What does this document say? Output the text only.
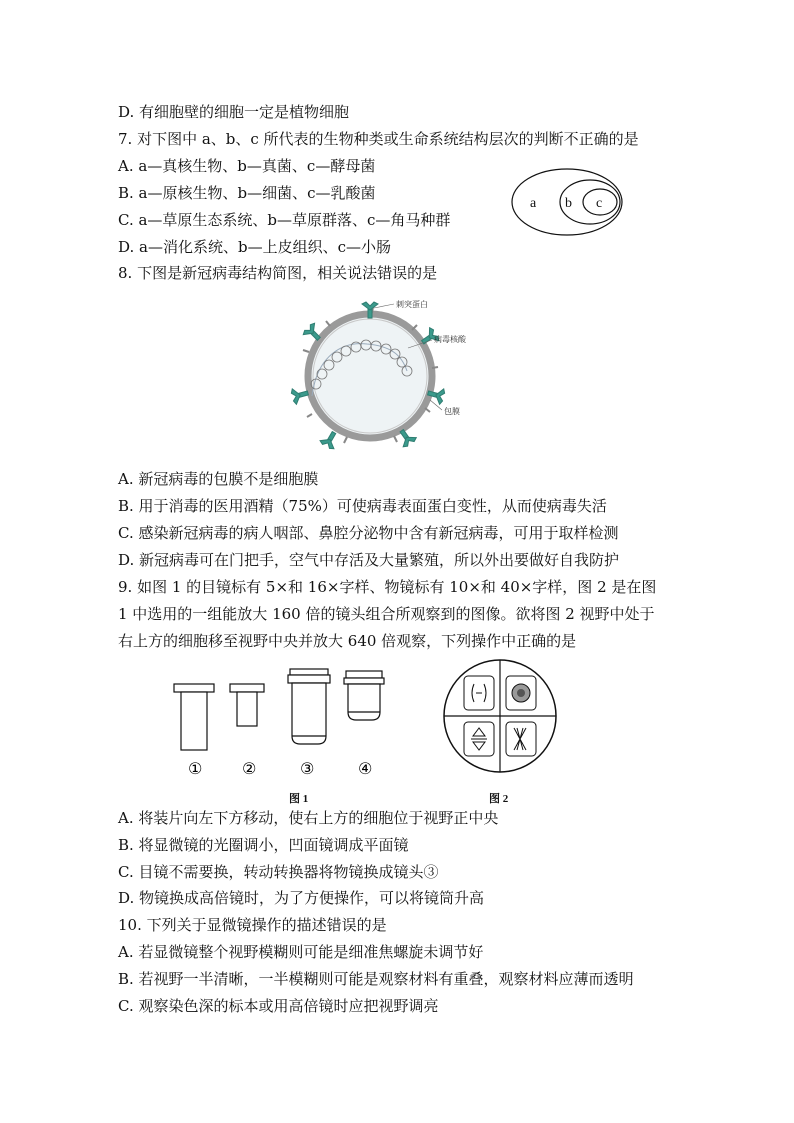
D. 有细胞壁的细胞一定是植物细胞
7. 对下图中 a、b、c 所代表的生物种类或生命系统结构层次的判断不正确的是
A. a—真核生物、b—真菌、c—酵母菌
B. a—原核生物、b—细菌、c—乳酸菌
C. a—草原生态系统、b—草原群落、c—角马种群
D. a—消化系统、b—上皮组织、c—小肠
8. 下图是新冠病毒结构简图，相关说法错误的是
A. 新冠病毒的包膜不是细胞膜
B. 用于消毒的医用酒精（75%）可使病毒表面蛋白变性，从而使病毒失活
C. 感染新冠病毒的病人咽部、鼻腔分泌物中含有新冠病毒，可用于取样检测
D. 新冠病毒可在门把手，空气中存活及大量繁殖，所以外出要做好自我防护
9. 如图 1 的目镜标有 5×和 16×字样、物镜标有 10×和 40×字样，图 2 是在图
1 中选用的一组能放大 160 倍的镜头组合所观察到的图像。欲将图 2 视野中处于
右上方的细胞移至视野中央并放大 640 倍观察，下列操作中正确的是
A. 将装片向左下方移动，使右上方的细胞位于视野正中央
B. 将显微镜的光圈调小，凹面镜调成平面镜
C. 目镜不需要换，转动转换器将物镜换成镜头③
D. 物镜换成高倍镜时，为了方便操作，可以将镜筒升高
10. 下列关于显微镜操作的描述错误的是
A. 若显微镜整个视野模糊则可能是细准焦螺旋未调节好
B. 若视野一半清晰，一半模糊则可能是观察材料有重叠，观察材料应薄而透明
C. 观察染色深的标本或用高倍镜时应把视野调亮
a b c
刺突蛋白
病毒核酸
包膜
① ②	③	④
图 1	图 2
